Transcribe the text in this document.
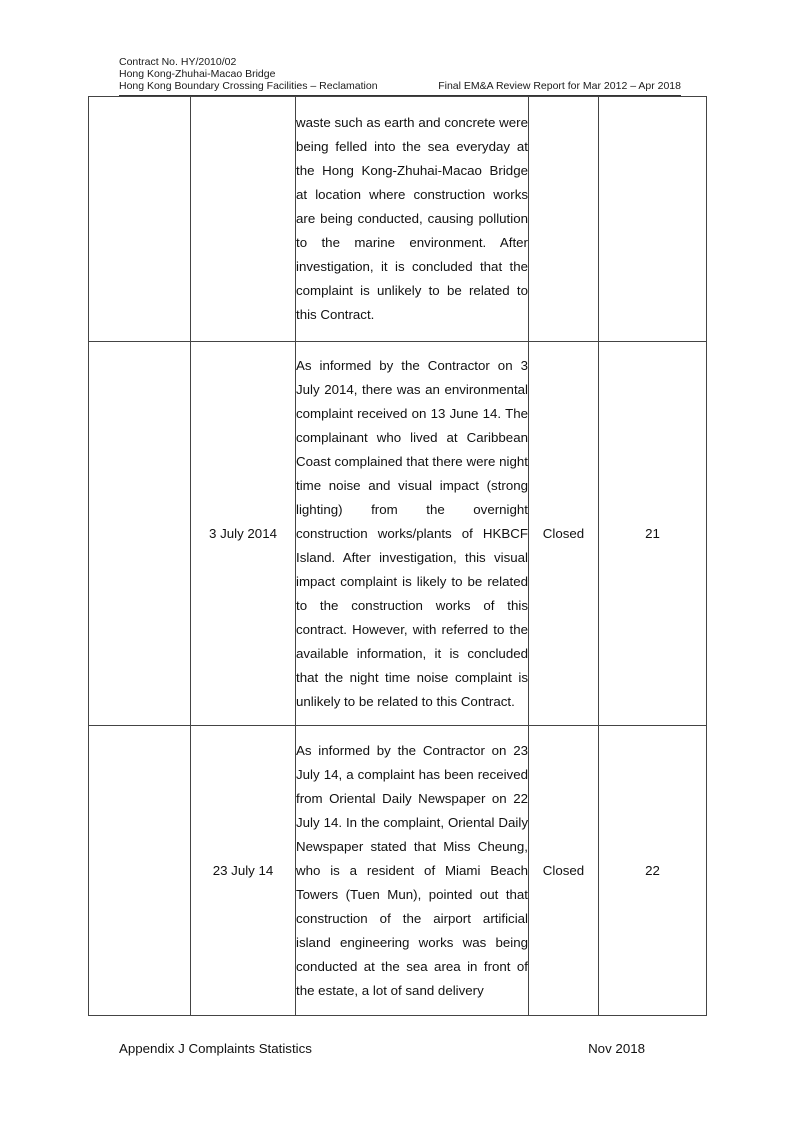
Contract No. HY/2010/02
Hong Kong-Zhuhai-Macao Bridge
Hong Kong Boundary Crossing Facilities – Reclamation	Final EM&A Review Report for Mar 2012 – Apr 2018

		waste such as earth and concrete were being felled into the sea everyday at the Hong Kong-Zhuhai-Macao Bridge at location where construction works are being conducted, causing pollution to the marine environment. After investigation, it is concluded that the complaint is unlikely to be related to this Contract.		

	3 July 2014	As informed by the Contractor on 3 July 2014, there was an environmental complaint received on 13 June 14. The complainant who lived at Caribbean Coast complained that there were night time noise and visual impact (strong lighting) from the overnight construction works/plants of HKBCF Island. After investigation, this visual impact complaint is likely to be related to the construction works of this contract. However, with referred to the available information, it is concluded that the night time noise complaint is unlikely to be related to this Contract.	Closed	21
	23 July 14	As informed by the Contractor on 23 July 14, a complaint has been received from Oriental Daily Newspaper on 22 July 14. In the complaint, Oriental Daily Newspaper stated that Miss Cheung, who is a resident of Miami Beach Towers (Tuen Mun), pointed out that construction of the airport artificial island engineering works was being conducted at the sea area in front of the estate, a lot of sand delivery	Closed	22
Appendix J Complaints Statistics	Nov 2018
